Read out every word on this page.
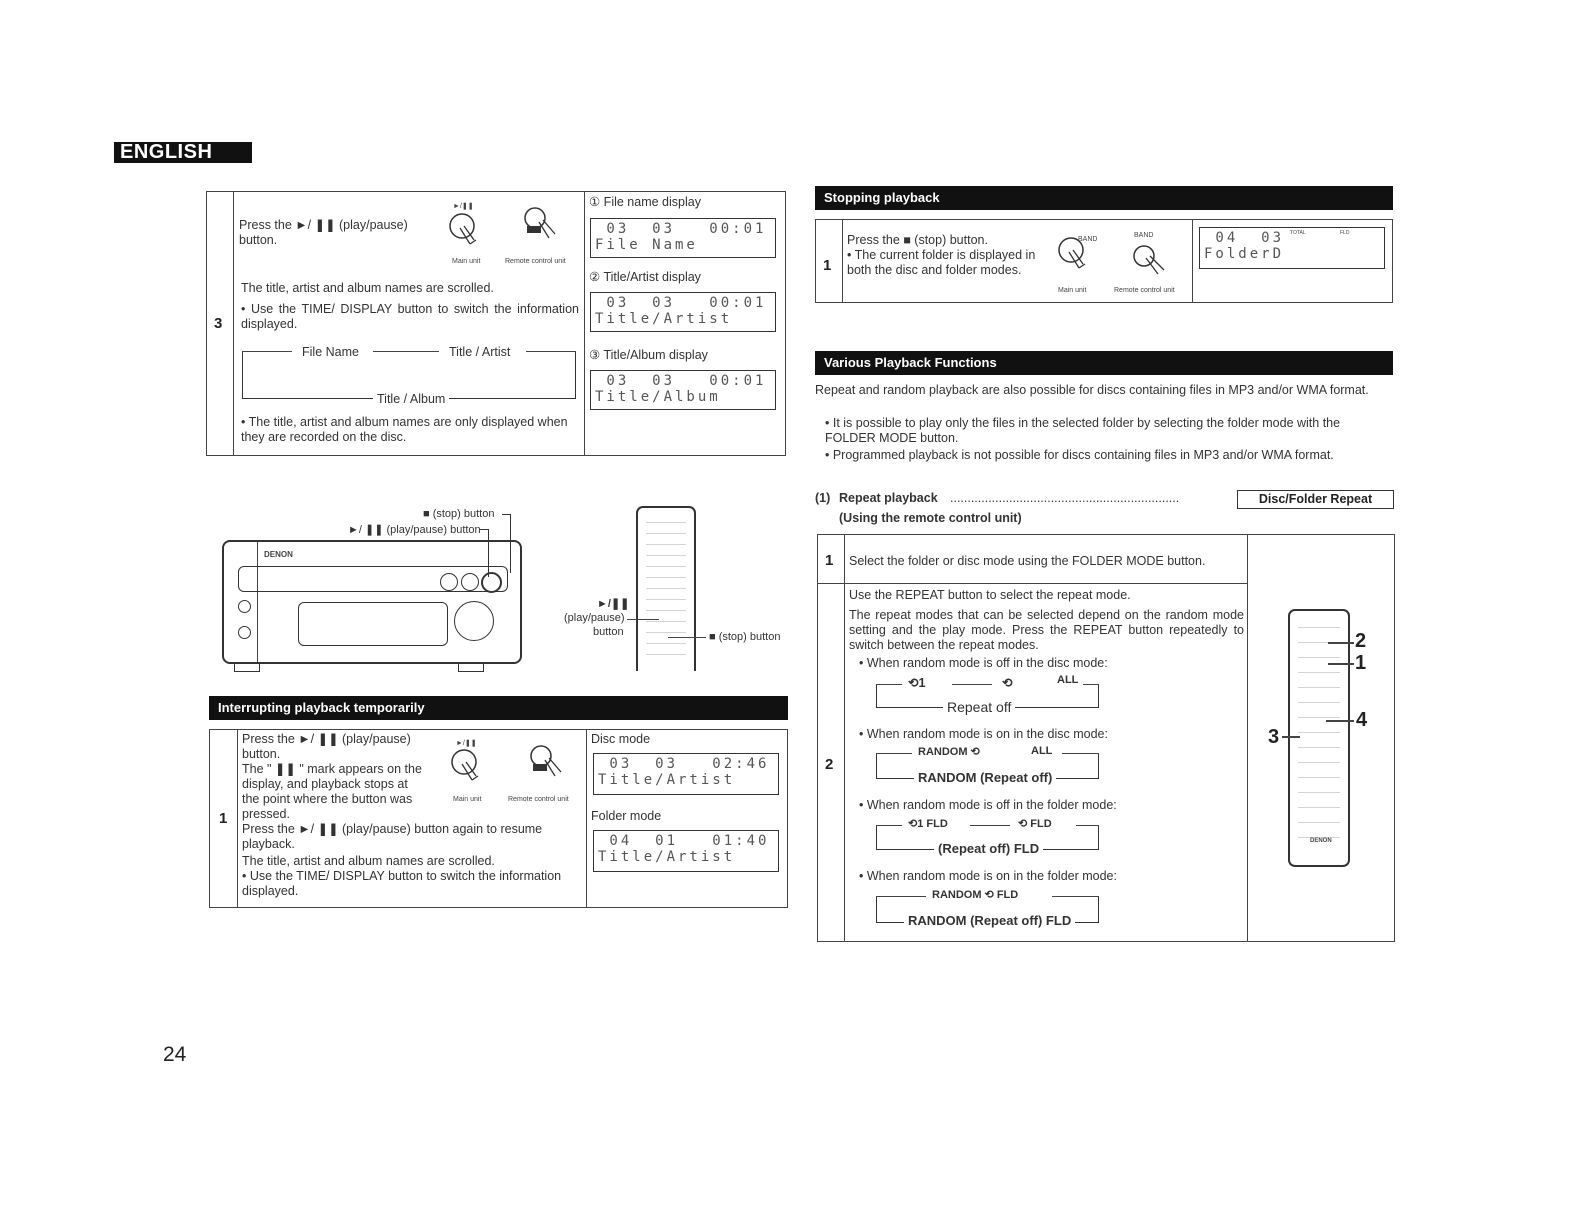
ENGLISH
3
Press the ►/ ❚❚ (play/pause) button.
►/❚❚
Main unit	Remote control unit
The title, artist and album names are scrolled.
• Use the TIME/ DISPLAY button to switch the information displayed.
File Name	Title / Artist
Title / Album
• The title, artist and album names are only displayed when they are recorded on the disc.
① File name display
03  03   00:01
File Name
② Title/Artist display
03  03   00:01
Title/Artist
③ Title/Album display
03  03   00:01
Title/Album
■ (stop) button
►/ ❚❚ (play/pause) button
DENON
►/❚❚
(play/pause)
button	■ (stop) button
Interrupting playback temporarily
1
Press the ►/ ❚❚ (play/pause)
button.
The " ❚❚ " mark appears on the
display, and playback stops at
the point where the button was
pressed.
Press the ►/ ❚❚ (play/pause) button again to resume playback.
The title, artist and album names are scrolled.
• Use the TIME/ DISPLAY button to switch the information displayed.
►/❚❚
Main unit	Remote control unit
Disc mode
03  03   02:46
Title/Artist
Folder mode
04  01   01:40
Title/Artist
Stopping playback
1
Press the ■ (stop) button.
• The current folder is displayed in both the disc and folder modes.
BAND
BAND
Main unit	Remote control unit
04  03
FolderD
TOTAL	FLD
Various Playback Functions
Repeat and random playback are also possible for discs containing files in MP3 and/or WMA format.
• It is possible to play only the files in the selected folder by selecting the folder mode with the FOLDER MODE button.
• Programmed playback is not possible for discs containing files in MP3 and/or WMA format.
(1) Repeat playback ..................................................................	Disc/Folder Repeat
(Using the remote control unit)
1 Select the folder or disc mode using the FOLDER MODE button.
2
Use the REPEAT button to select the repeat mode.
The repeat modes that can be selected depend on the random mode setting and the play mode. Press the REPEAT button repeatedly to switch between the repeat modes.
• When random mode is off in the disc mode:
⟲1	⟲	ALL
Repeat off
• When random mode is on in the disc mode:
RANDOM ⟲	ALL
RANDOM (Repeat off)
• When random mode is off in the folder mode:
⟲1 FLD	⟲ FLD
(Repeat off) FLD
• When random mode is on in the folder mode:
RANDOM ⟲ FLD
RANDOM (Repeat off) FLD
DENON
2
1
4
3
24
